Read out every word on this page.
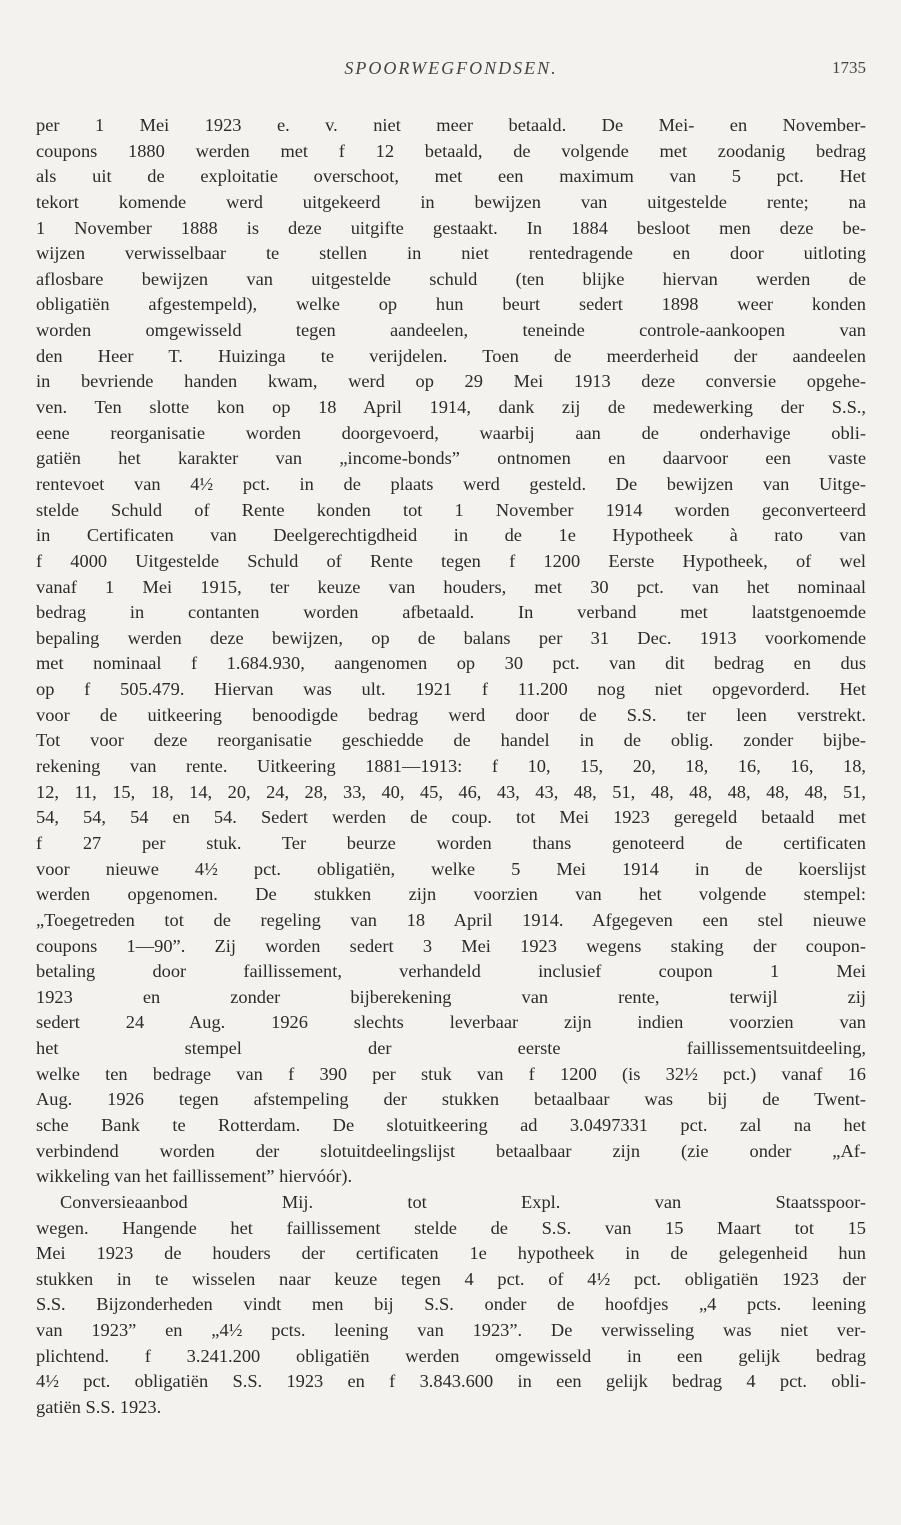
SPOORWEGFONDSEN.	1735
per 1 Mei 1923 e. v. niet meer betaald. De Mei- en November-
coupons 1880 werden met f 12 betaald, de volgende met zoodanig bedrag
als uit de exploitatie overschoot, met een maximum van 5 pct. Het
tekort komende werd uitgekeerd in bewijzen van uitgestelde rente; na
1 November 1888 is deze uitgifte gestaakt. In 1884 besloot men deze be-
wijzen verwisselbaar te stellen in niet rentedragende en door uitloting
aflosbare bewijzen van uitgestelde schuld (ten blijke hiervan werden de
obligatiën afgestempeld), welke op hun beurt sedert 1898 weer konden
worden omgewisseld tegen aandeelen, teneinde controle-aankoopen van
den Heer T. Huizinga te verijdelen. Toen de meerderheid der aandeelen
in bevriende handen kwam, werd op 29 Mei 1913 deze conversie opgehe-
ven. Ten slotte kon op 18 April 1914, dank zij de medewerking der S.S.,
eene reorganisatie worden doorgevoerd, waarbij aan de onderhavige obli-
gatiën het karakter van „income-bonds” ontnomen en daarvoor een vaste
rentevoet van 4½ pct. in de plaats werd gesteld. De bewijzen van Uitge-
stelde Schuld of Rente konden tot 1 November 1914 worden geconverteerd
in Certificaten van Deelgerechtigdheid in de 1e Hypotheek à rato van
f 4000 Uitgestelde Schuld of Rente tegen f 1200 Eerste Hypotheek, of wel
vanaf 1 Mei 1915, ter keuze van houders, met 30 pct. van het nominaal
bedrag in contanten worden afbetaald. In verband met laatstgenoemde
bepaling werden deze bewijzen, op de balans per 31 Dec. 1913 voorkomende
met nominaal f 1.684.930, aangenomen op 30 pct. van dit bedrag en dus
op f 505.479. Hiervan was ult. 1921 f 11.200 nog niet opgevorderd. Het
voor de uitkeering benoodigde bedrag werd door de S.S. ter leen verstrekt.
Tot voor deze reorganisatie geschiedde de handel in de oblig. zonder bijbe-
rekening van rente. Uitkeering 1881—1913: f 10, 15, 20, 18, 16, 16, 18,
12, 11, 15, 18, 14, 20, 24, 28, 33, 40, 45, 46, 43, 43, 48, 51, 48, 48, 48, 48, 48, 51,
54, 54, 54 en 54. Sedert werden de coup. tot Mei 1923 geregeld betaald met
f 27 per stuk. Ter beurze worden thans genoteerd de certificaten
voor nieuwe 4½ pct. obligatiën, welke 5 Mei 1914 in de koerslijst
werden opgenomen. De stukken zijn voorzien van het volgende stempel:
„Toegetreden tot de regeling van 18 April 1914. Afgegeven een stel nieuwe
coupons 1—90”. Zij worden sedert 3 Mei 1923 wegens staking der coupon-
betaling door faillissement, verhandeld inclusief coupon 1 Mei
1923 en zonder bijberekening van rente, terwijl zij
sedert 24 Aug. 1926 slechts leverbaar zijn indien voorzien van
het stempel der eerste faillissementsuitdeeling,
welke ten bedrage van f 390 per stuk van f 1200 (is 32½ pct.) vanaf 16
Aug. 1926 tegen afstempeling der stukken betaalbaar was bij de Twent-
sche Bank te Rotterdam. De slotuitkeering ad 3.0497331 pct. zal na het
verbindend worden der slotuitdeelingslijst betaalbaar zijn (zie onder „Af-
wikkeling van het faillissement” hiervóór).
Conversieaanbod Mij. tot Expl. van Staatsspoor-
wegen. Hangende het faillissement stelde de S.S. van 15 Maart tot 15
Mei 1923 de houders der certificaten 1e hypotheek in de gelegenheid hun
stukken in te wisselen naar keuze tegen 4 pct. of 4½ pct. obligatiën 1923 der
S.S. Bijzonderheden vindt men bij S.S. onder de hoofdjes „4 pcts. leening
van 1923” en „4½ pcts. leening van 1923”. De verwisseling was niet ver-
plichtend. f 3.241.200 obligatiën werden omgewisseld in een gelijk bedrag
4½ pct. obligatiën S.S. 1923 en f 3.843.600 in een gelijk bedrag 4 pct. obli-
gatiën S.S. 1923.
